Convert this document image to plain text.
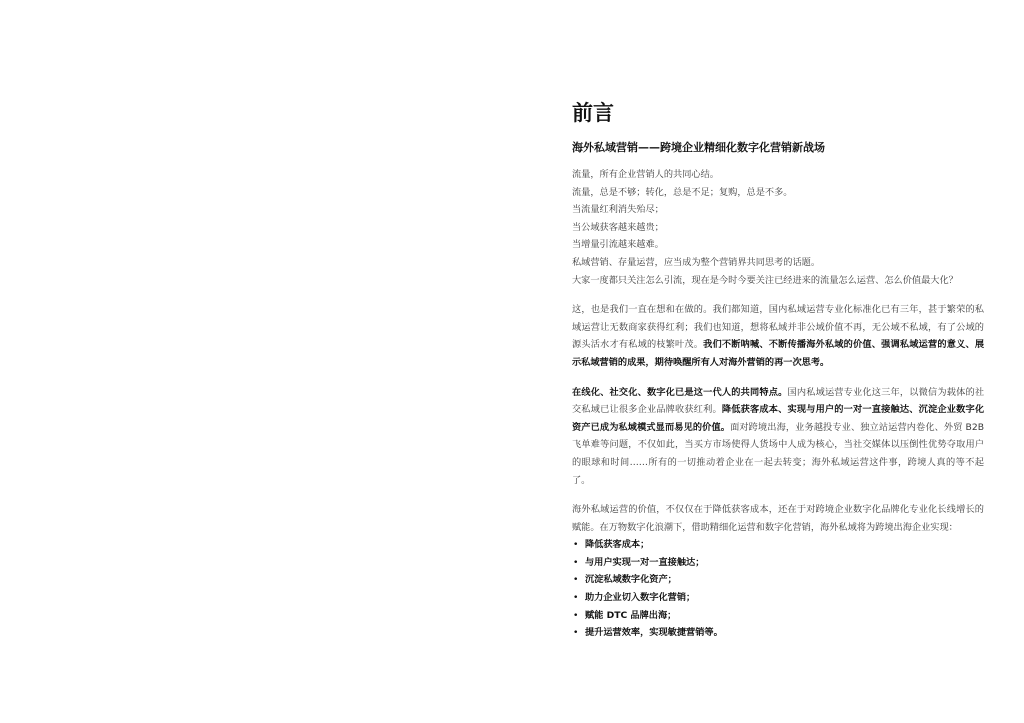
前言
海外私域营销——跨境企业精细化数字化营销新战场
流量，所有企业营销人的共同心结。
流量，总是不够；转化，总是不足；复购，总是不多。
当流量红利消失殆尽；
当公域获客越来越贵；
当增量引流越来越难。
私域营销、存量运营，应当成为整个营销界共同思考的话题。
大家一度都只关注怎么引流，现在是今时今要关注已经进来的流量怎么运营、怎么价值最大化？
这，也是我们一直在想和在做的。我们都知道，国内私域运营专业化标准化已有三年，甚于繁荣的私域运营让无数商家获得红利；我们也知道，想将私域并非公域价值不再，无公域不私域，有了公域的源头活水才有私域的枝繁叶茂。我们不断呐喊、不断传播海外私域的价值、强调私域运营的意义、展示私域营销的成果，期待唤醒所有人对海外营销的再一次思考。
在线化、社交化、数字化已是这一代人的共同特点。国内私域运营专业化这三年，以微信为载体的社交私域已让很多企业品牌收获红利。降低获客成本、实现与用户的一对一直接触达、沉淀企业数字化资产已成为私域模式显而易见的价值。面对跨境出海，业务越投专业、独立站运营内卷化、外贸 B2B 飞单难等问题，不仅如此，当买方市场使得人货场中人成为核心，当社交媒体以压倒性优势夺取用户的眼球和时间……所有的一切推动着企业在一起去转变；海外私域运营这件事，跨境人真的等不起了。
海外私域运营的价值，不仅仅在于降低获客成本，还在于对跨境企业数字化品牌化专业化长线增长的赋能。在万物数字化浪潮下，借助精细化运营和数字化营销，海外私域将为跨境出海企业实现：
• 降低获客成本；
• 与用户实现一对一直接触达；
• 沉淀私域数字化资产；
• 助力企业切入数字化营销；
• 赋能 DTC 品牌出海；
• 提升运营效率，实现敏捷营销等。
